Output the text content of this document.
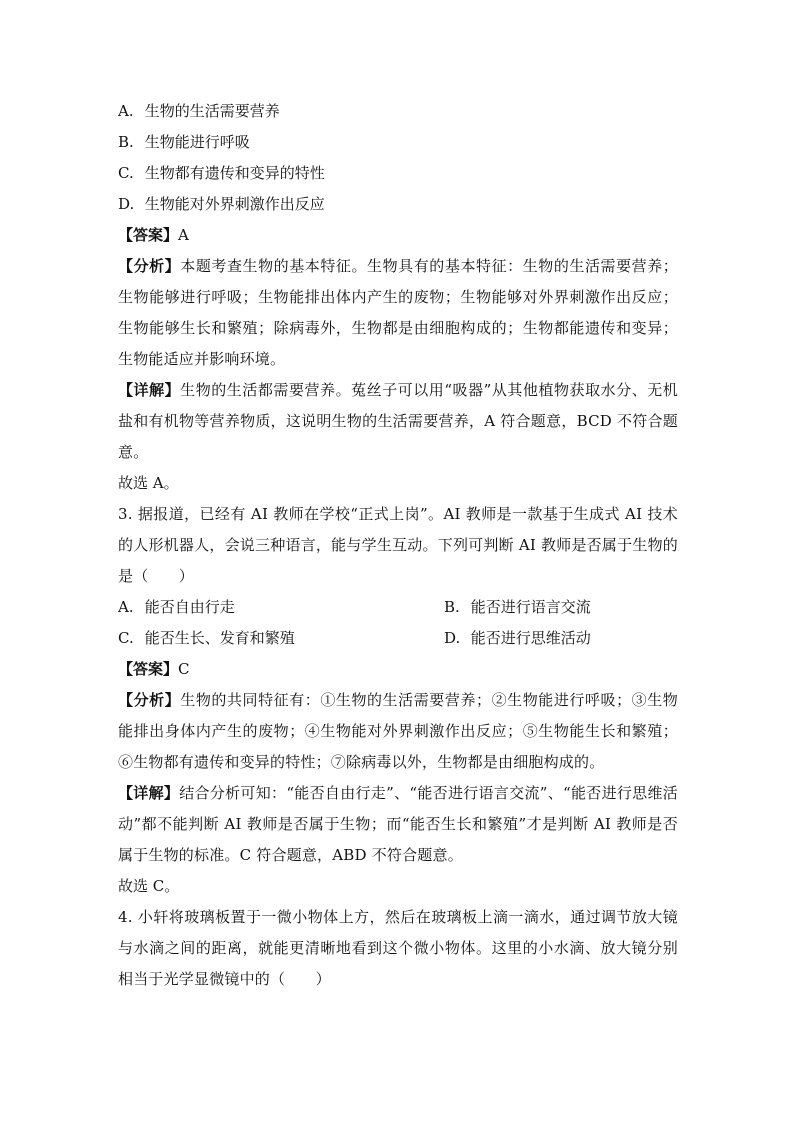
A. 生物的生活需要营养
B. 生物能进行呼吸
C. 生物都有遗传和变异的特性
D. 生物能对外界刺激作出反应
【答案】A
【分析】本题考查生物的基本特征。生物具有的基本特征：生物的生活需要营养；生物能够进行呼吸；生物能排出体内产生的废物；生物能够对外界刺激作出反应；生物能够生长和繁殖；除病毒外，生物都是由细胞构成的；生物都能遗传和变异；生物能适应并影响环境。
【详解】生物的生活都需要营养。菟丝子可以用“吸器”从其他植物获取水分、无机盐和有机物等营养物质，这说明生物的生活需要营养，A 符合题意，BCD 不符合题意。
故选 A。
3. 据报道，已经有 AI 教师在学校“正式上岗”。AI 教师是一款基于生成式 AI 技术的人形机器人，会说三种语言，能与学生互动。下列可判断 AI 教师是否属于生物的是（　　）
A. 能否自由行走	B. 能否进行语言交流
C. 能否生长、发育和繁殖	D. 能否进行思维活动
【答案】C
【分析】生物的共同特征有：①生物的生活需要营养；②生物能进行呼吸；③生物能排出身体内产生的废物；④生物能对外界刺激作出反应；⑤生物能生长和繁殖；⑥生物都有遗传和变异的特性；⑦除病毒以外，生物都是由细胞构成的。
【详解】结合分析可知：“能否自由行走”、“能否进行语言交流”、“能否进行思维活动”都不能判断 AI 教师是否属于生物；而“能否生长和繁殖”才是判断 AI 教师是否属于生物的标准。C 符合题意，ABD 不符合题意。
故选 C。
4. 小轩将玻璃板置于一微小物体上方，然后在玻璃板上滴一滴水，通过调节放大镜与水滴之间的距离，就能更清晰地看到这个微小物体。这里的小水滴、放大镜分别相当于光学显微镜中的（　　）
